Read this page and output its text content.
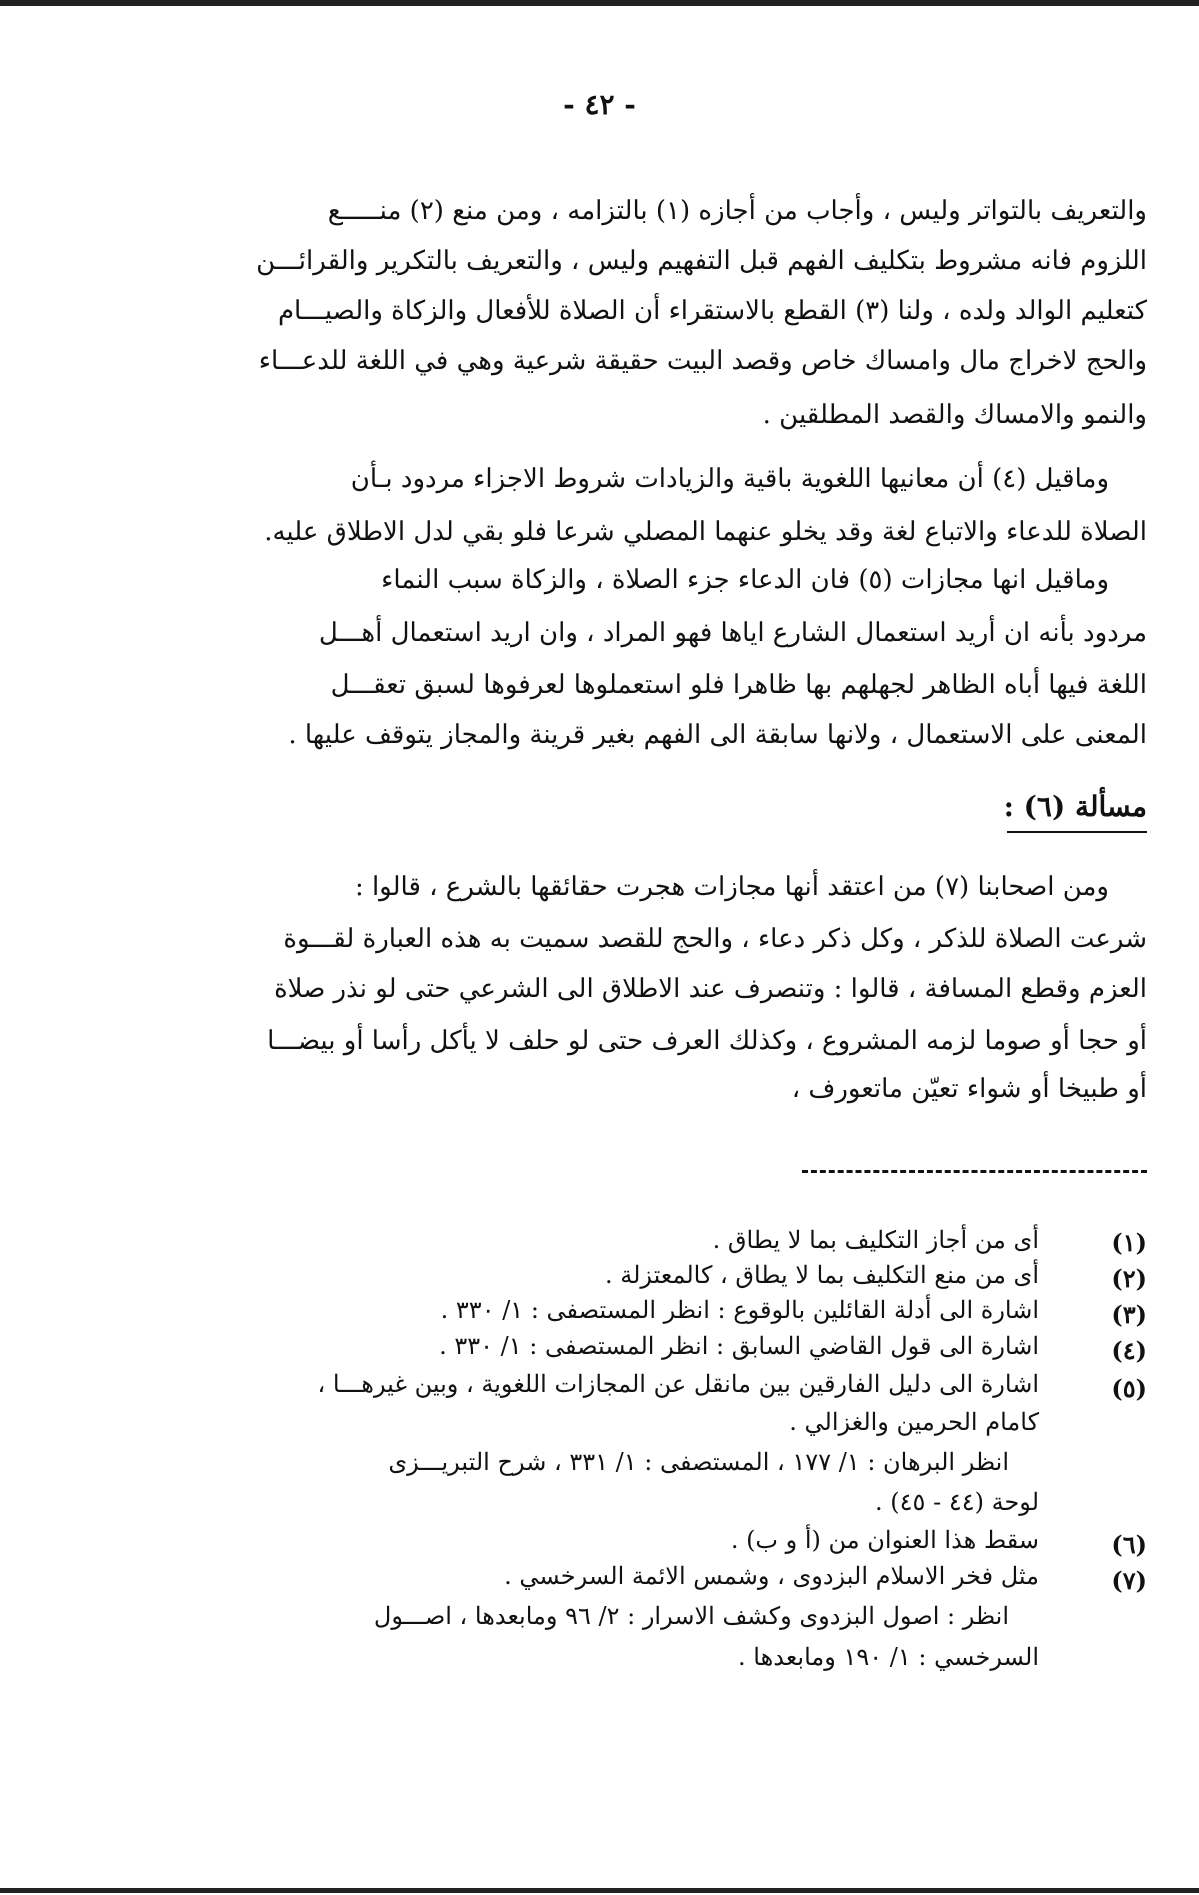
- ٤٢ -
والتعريف بالتواتر وليس ، وأجاب من أجازه (١) بالتزامه ، ومن منع (٢) منـــــع
اللزوم فانه مشروط بتكليف الفهم قبل التفهيم وليس ، والتعريف بالتكرير والقرائـــن
كتعليم الوالد ولده ، ولنا (٣) القطع بالاستقراء أن الصلاة للأفعال والزكاة والصيـــام
والحج لاخراج مال وامساك خاص وقصد البيت حقيقة شرعية وهي في اللغة للدعـــاء
والنمو والامساك والقصد المطلقين .
وماقيل (٤) أن معانيها اللغوية باقية والزيادات شروط الاجزاء مردود بـأن
الصلاة للدعاء والاتباع لغة وقد يخلو عنهما المصلي شرعا فلو بقي لدل الاطلاق عليه.
وماقيل انها مجازات (٥) فان الدعاء جزء الصلاة ، والزكاة سبب النماء
مردود بأنه ان أريد استعمال الشارع اياها فهو المراد ، وان اريد استعمال أهـــل
اللغة فيها أباه الظاهر لجهلهم بها ظاهرا فلو استعملوها لعرفوها لسبق تعقـــل
المعنى على الاستعمال ، ولانها سابقة الى الفهم بغير قرينة والمجاز يتوقف عليها .
مسألة (٦) :
ومن اصحابنا (٧) من اعتقد أنها مجازات هجرت حقائقها بالشرع ، قالوا :
شرعت الصلاة للذكر ، وكل ذكر دعاء ، والحج للقصد سميت به هذه العبارة لقـــوة
العزم وقطع المسافة ، قالوا : وتنصرف عند الاطلاق الى الشرعي حتى لو نذر صلاة
أو حجا أو صوما لزمه المشروع ، وكذلك العرف حتى لو حلف لا يأكل رأسا أو بيضـــا
أو طبيخا أو شواء تعيّن ماتعورف ،
(١)
أى من أجاز التكليف بما لا يطاق .
(٢)
أى من منع التكليف بما لا يطاق ، كالمعتزلة .
(٣)
اشارة الى أدلة القائلين بالوقوع : انظر المستصفى : ١/ ٣٣٠ .
(٤)
اشارة الى قول القاضي السابق : انظر المستصفى : ١/ ٣٣٠ .
(٥)
اشارة الى دليل الفارقين بين مانقل عن المجازات اللغوية ، وبين غيرهـــا ،
كامام الحرمين والغزالي .
انظر البرهان : ١/ ١٧٧ ، المستصفى : ١/ ٣٣١ ، شرح التبريـــزى
لوحة (٤٤ - ٤٥) .
(٦)
سقط هذا العنوان من (أ و ب) .
(٧)
مثل فخر الاسلام البزدوى ، وشمس الائمة السرخسي .
انظر : اصول البزدوى وكشف الاسرار : ٢/ ٩٦ ومابعدها ، اصـــول
السرخسي : ١/ ١٩٠ ومابعدها .
